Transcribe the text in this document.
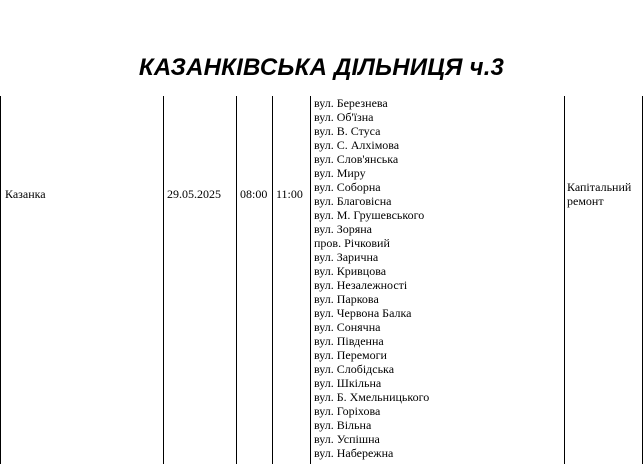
КАЗАНКІВСЬКА ДІЛЬНИЦЯ ч.3
Казанка	29.05.2025 08:00 11:00
вул. Березнева
вул. Об'їзна
вул. В. Стуса
вул. С. Алхімова
вул. Слов'янська
вул. Миру
вул. Соборна
вул. Благовісна
вул. М. Грушевського
вул. Зоряна
пров. Річковий
вул. Заричнa
вул. Кривцова
вул. Незалежності
вул. Паркова
вул. Червона Балка
вул. Сонячна
вул. Південна
вул. Перемоги
вул. Слобідська
вул. Шкільна
вул. Б. Хмельницького
вул. Горіхова
вул. Вільна
вул. Успішна
вул. Набережна
Капітальний
ремонт
